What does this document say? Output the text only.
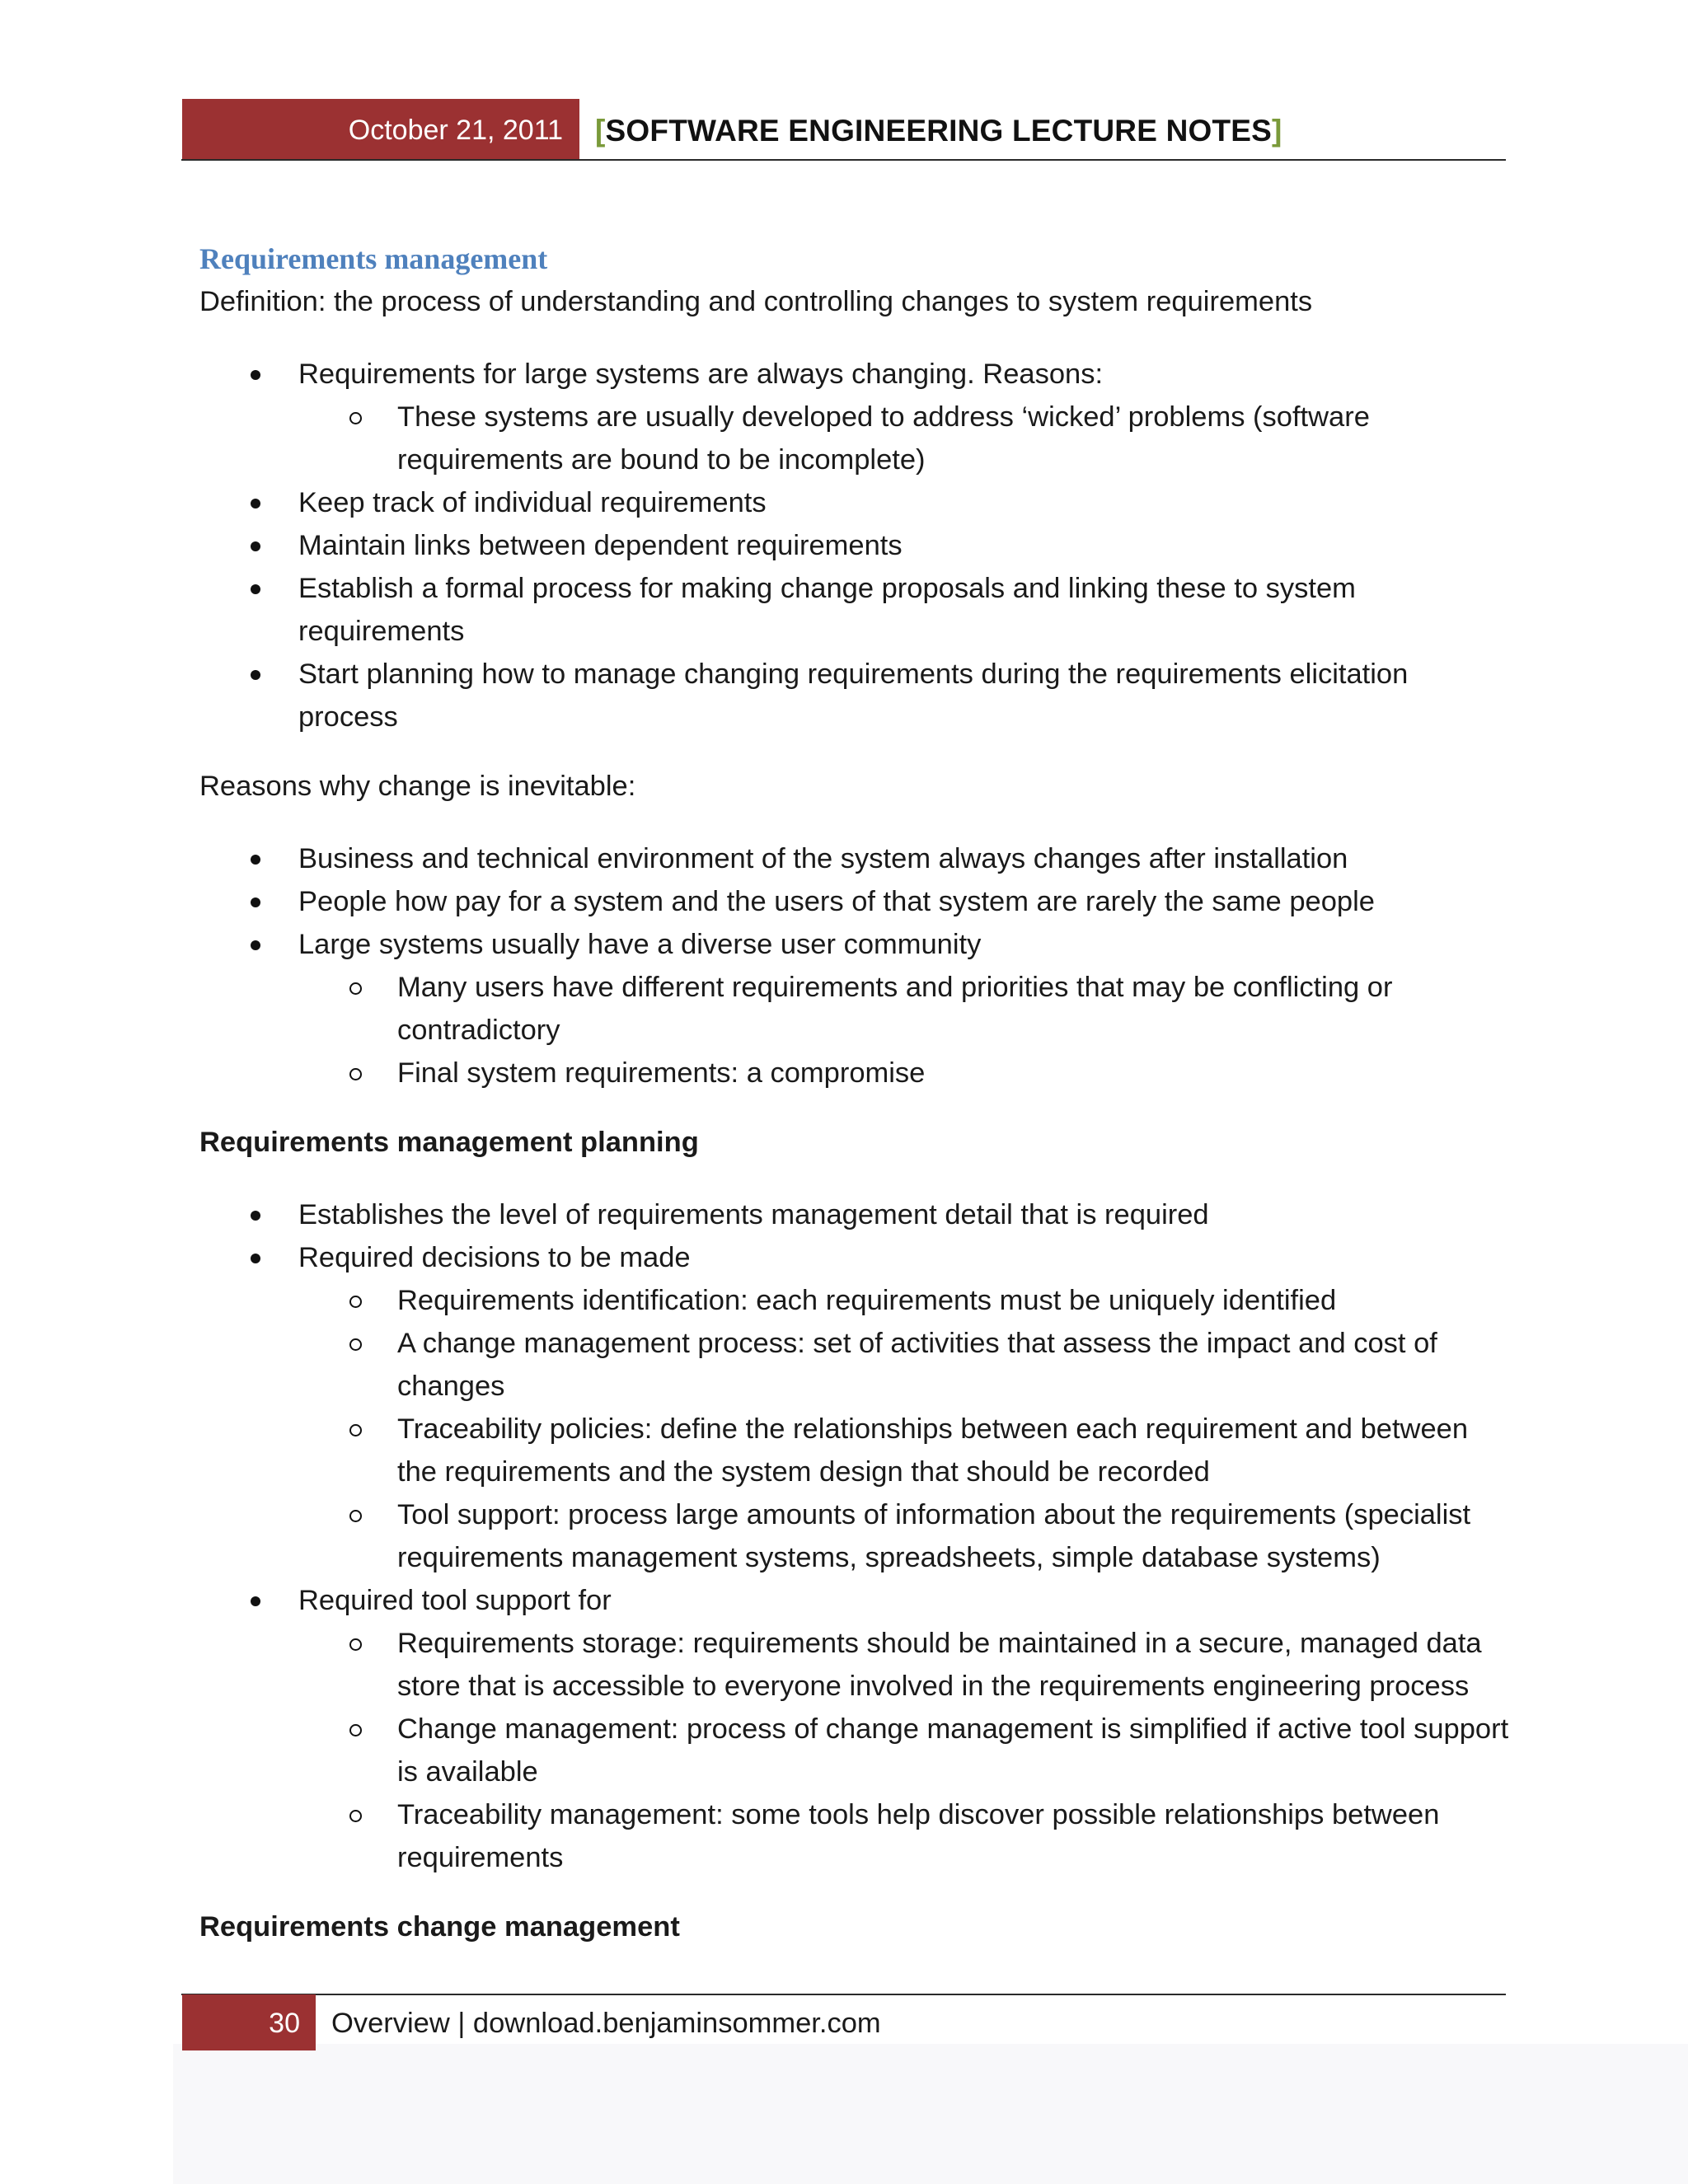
October 21, 2011 [SOFTWARE ENGINEERING LECTURE NOTES]
Requirements management

Definition: the process of understanding and controlling changes to system requirements

Requirements for large systems are always changing. Reasons:
These systems are usually developed to address ‘wicked’ problems (software requirements are bound to be incomplete)
Keep track of individual requirements
Maintain links between dependent requirements
Establish a formal process for making change proposals and linking these to system requirements
Start planning how to manage changing requirements during the requirements elicitation process

Reasons why change is inevitable:

Business and technical environment of the system always changes after installation
People how pay for a system and the users of that system are rarely the same people
Large systems usually have a diverse user community
Many users have different requirements and priorities that may be conflicting or contradictory
Final system requirements: a compromise

Requirements management planning

Establishes the level of requirements management detail that is required
Required decisions to be made
Requirements identification: each requirements must be uniquely identified
A change management process: set of activities that assess the impact and cost of changes
Traceability policies: define the relationships between each requirement and between the requirements and the system design that should be recorded
Tool support: process large amounts of information about the requirements (specialist requirements management systems, spreadsheets, simple database systems)
Required tool support for
Requirements storage: requirements should be maintained in a secure, managed data store that is accessible to everyone involved in the requirements engineering process
Change management: process of change management is simplified if active tool support is available
Traceability management: some tools help discover possible relationships between requirements

Requirements change management

30 Overview | download.benjaminsommer.com
